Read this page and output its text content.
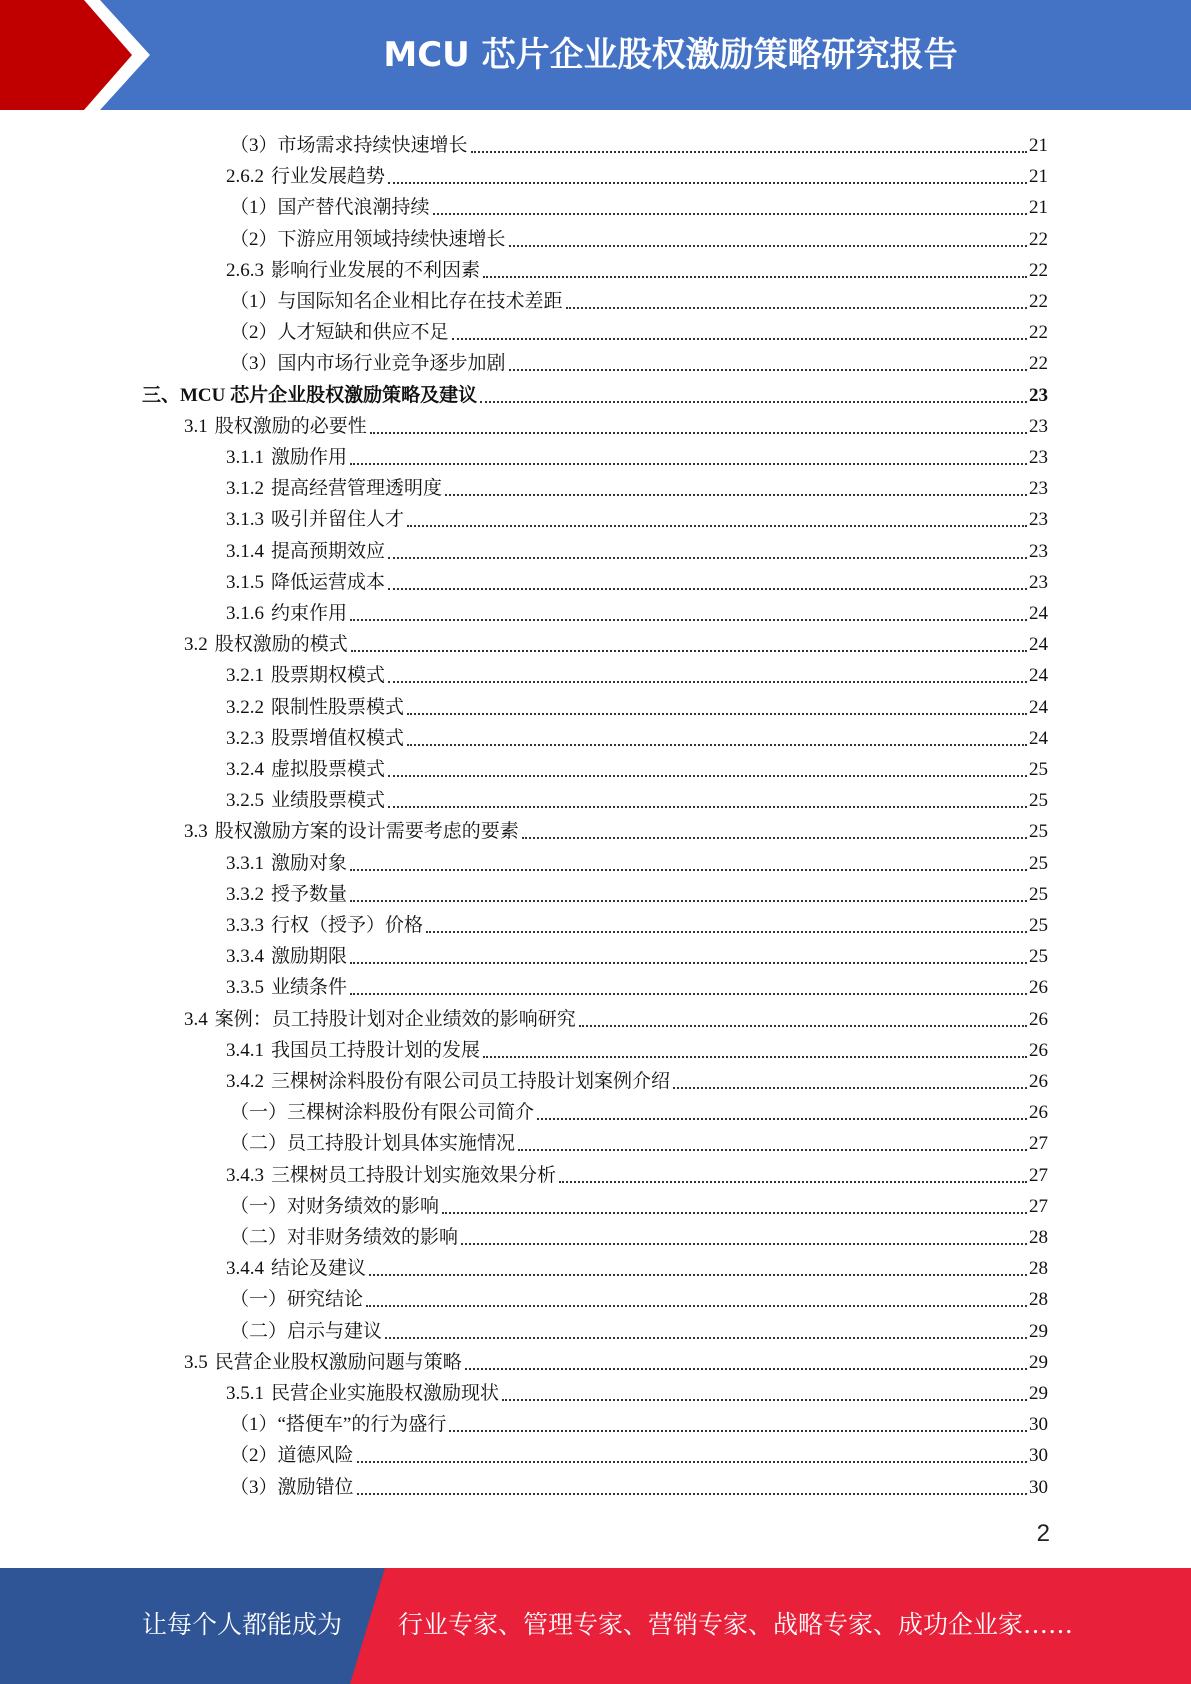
MCU 芯片企业股权激励策略研究报告
（3）市场需求持续快速增长	21
2.6.2 行业发展趋势	21
（1）国产替代浪潮持续	21
（2）下游应用领域持续快速增长	22
2.6.3 影响行业发展的不利因素	22
（1）与国际知名企业相比存在技术差距	22
（2）人才短缺和供应不足	22
（3）国内市场行业竞争逐步加剧	22
三、MCU 芯片企业股权激励策略及建议	23
3.1 股权激励的必要性	23
3.1.1 激励作用	23
3.1.2 提高经营管理透明度	23
3.1.3 吸引并留住人才	23
3.1.4 提高预期效应	23
3.1.5 降低运营成本	23
3.1.6 约束作用	24
3.2 股权激励的模式	24
3.2.1 股票期权模式	24
3.2.2 限制性股票模式	24
3.2.3 股票增值权模式	24
3.2.4 虚拟股票模式	25
3.2.5 业绩股票模式	25
3.3 股权激励方案的设计需要考虑的要素	25
3.3.1 激励对象	25
3.3.2 授予数量	25
3.3.3 行权（授予）价格	25
3.3.4 激励期限	25
3.3.5 业绩条件	26
3.4 案例：员工持股计划对企业绩效的影响研究	26
3.4.1 我国员工持股计划的发展	26
3.4.2 三棵树涂料股份有限公司员工持股计划案例介绍	26
（一）三棵树涂料股份有限公司简介	26
（二）员工持股计划具体实施情况	27
3.4.3 三棵树员工持股计划实施效果分析	27
（一）对财务绩效的影响	27
（二）对非财务绩效的影响	28
3.4.4 结论及建议	28
（一）研究结论	28
（二）启示与建议	29
3.5 民营企业股权激励问题与策略	29
3.5.1 民营企业实施股权激励现状	29
（1）“搭便车”的行为盛行	30
（2）道德风险	30
（3）激励错位	30
2
让每个人都能成为 行业专家、管理专家、营销专家、战略专家、成功企业家……
